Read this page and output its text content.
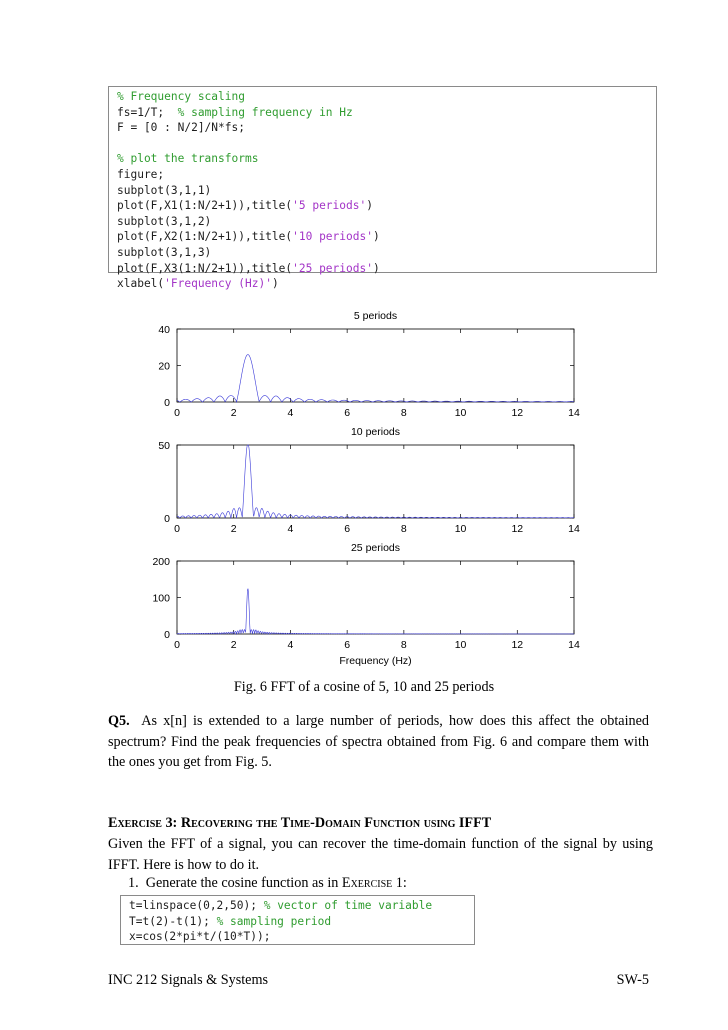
% Frequency scaling
fs=1/T;  % sampling frequency in Hz
F = [0 : N/2]/N*fs;

% plot the transforms
figure;
subplot(3,1,1)
plot(F,X1(1:N/2+1)),title('5 periods')
subplot(3,1,2)
plot(F,X2(1:N/2+1)),title('10 periods')
subplot(3,1,3)
plot(F,X3(1:N/2+1)),title('25 periods')
xlabel('Frequency (Hz)')
5 periods
0	2	4	6	8	10	12	14
0
20
40
10 periods
0	2	4	6	8	10	12	14
0
50
25 periods
0	2	4	6	8	10	12	14
0
100
200
Frequency (Hz)
Fig. 6 FFT of a cosine of 5, 10 and 25 periods
Q5. As x[n] is extended to a large number of periods, how does this affect the obtained spectrum? Find the peak frequencies of spectra obtained from Fig. 6 and compare them with the ones you get from Fig. 5.
Exercise 3: Recovering the Time-Domain Function using IFFT
Given the FFT of a signal, you can recover the time-domain function of the signal by using IFFT. Here is how to do it.
1. Generate the cosine function as in Exercise 1:
t=linspace(0,2,50); % vector of time variable
T=t(2)-t(1); % sampling period
x=cos(2*pi*t/(10*T));
INC 212 Signals & Systems	SW-5
